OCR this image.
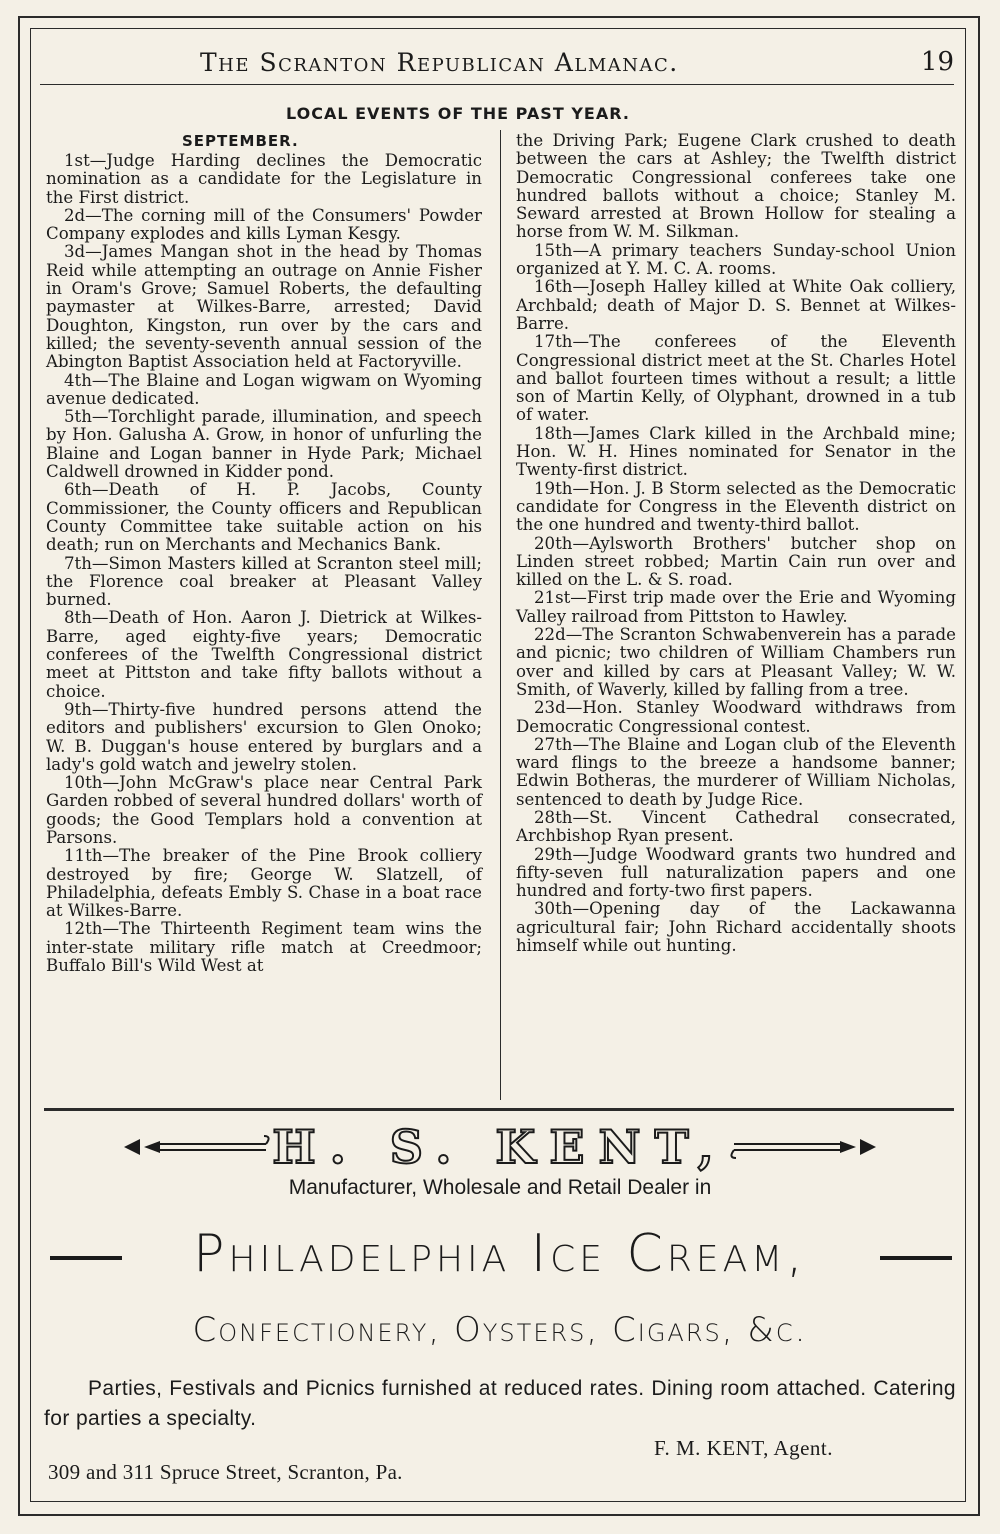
The Scranton Republican Almanac.	19
LOCAL EVENTS OF THE PAST YEAR.
SEPTEMBER.

1st—Judge Harding declines the Democratic nomination as a candidate for the Legislature in the First district.

2d—The corning mill of the Consumers' Powder Company explodes and kills Lyman Kesgy.

3d—James Mangan shot in the head by Thomas Reid while attempting an outrage on Annie Fisher in Oram's Grove; Samuel Roberts, the defaulting paymaster at Wilkes-Barre, arrested; David Doughton, Kingston, run over by the cars and killed; the seventy-seventh annual session of the Abington Baptist Association held at Factoryville.

4th—The Blaine and Logan wigwam on Wyoming avenue dedicated.

5th—Torchlight parade, illumination, and speech by Hon. Galusha A. Grow, in honor of unfurling the Blaine and Logan banner in Hyde Park; Michael Caldwell drowned in Kidder pond.

6th—Death of H. P. Jacobs, County Commissioner, the County officers and Republican County Committee take suitable action on his death; run on Merchants and Mechanics Bank.

7th—Simon Masters killed at Scranton steel mill; the Florence coal breaker at Pleasant Valley burned.

8th—Death of Hon. Aaron J. Dietrick at Wilkes-Barre, aged eighty-five years; Democratic conferees of the Twelfth Congressional district meet at Pittston and take fifty ballots without a choice.

9th—Thirty-five hundred persons attend the editors and publishers' excursion to Glen Onoko; W. B. Duggan's house entered by burglars and a lady's gold watch and jewelry stolen.

10th—John McGraw's place near Central Park Garden robbed of several hundred dollars' worth of goods; the Good Templars hold a convention at Parsons.

11th—The breaker of the Pine Brook colliery destroyed by fire; George W. Slatzell, of Philadelphia, defeats Embly S. Chase in a boat race at Wilkes-Barre.

12th—The Thirteenth Regiment team wins the inter-state military rifle match at Creedmoor; Buffalo Bill's Wild West at

the Driving Park; Eugene Clark crushed to death between the cars at Ashley; the Twelfth district Democratic Congressional conferees take one hundred ballots without a choice; Stanley M. Seward arrested at Brown Hollow for stealing a horse from W. M. Silkman.

15th—A primary teachers Sunday-school Union organized at Y. M. C. A. rooms.

16th—Joseph Halley killed at White Oak colliery, Archbald; death of Major D. S. Bennet at Wilkes-Barre.

17th—The conferees of the Eleventh Congressional district meet at the St. Charles Hotel and ballot fourteen times without a result; a little son of Martin Kelly, of Olyphant, drowned in a tub of water.

18th—James Clark killed in the Archbald mine; Hon. W. H. Hines nominated for Senator in the Twenty-first district.

19th—Hon. J. B Storm selected as the Democratic candidate for Congress in the Eleventh district on the one hundred and twenty-third ballot.

20th—Aylsworth Brothers' butcher shop on Linden street robbed; Martin Cain run over and killed on the L. & S. road.

21st—First trip made over the Erie and Wyoming Valley railroad from Pittston to Hawley.

22d—The Scranton Schwabenverein has a parade and picnic; two children of William Chambers run over and killed by cars at Pleasant Valley; W. W. Smith, of Waverly, killed by falling from a tree.

23d—Hon. Stanley Woodward withdraws from Democratic Congressional contest.

27th—The Blaine and Logan club of the Eleventh ward flings to the breeze a handsome banner; Edwin Botheras, the murderer of William Nicholas, sentenced to death by Judge Rice.

28th—St. Vincent Cathedral consecrated, Archbishop Ryan present.

29th—Judge Woodward grants two hundred and fifty-seven full naturalization papers and one hundred and forty-two first papers.

30th—Opening day of the Lackawanna agricultural fair; John Richard accidentally shoots himself while out hunting.

H. S. KENT,
Manufacturer, Wholesale and Retail Dealer in
Philadelphia Ice Cream,
Confectionery, Oysters, Cigars, &c.
Parties, Festivals and Picnics furnished at reduced rates. Dining room attached. Catering for parties a specialty.
F. M. KENT, Agent.
309 and 311 Spruce Street, Scranton, Pa.
